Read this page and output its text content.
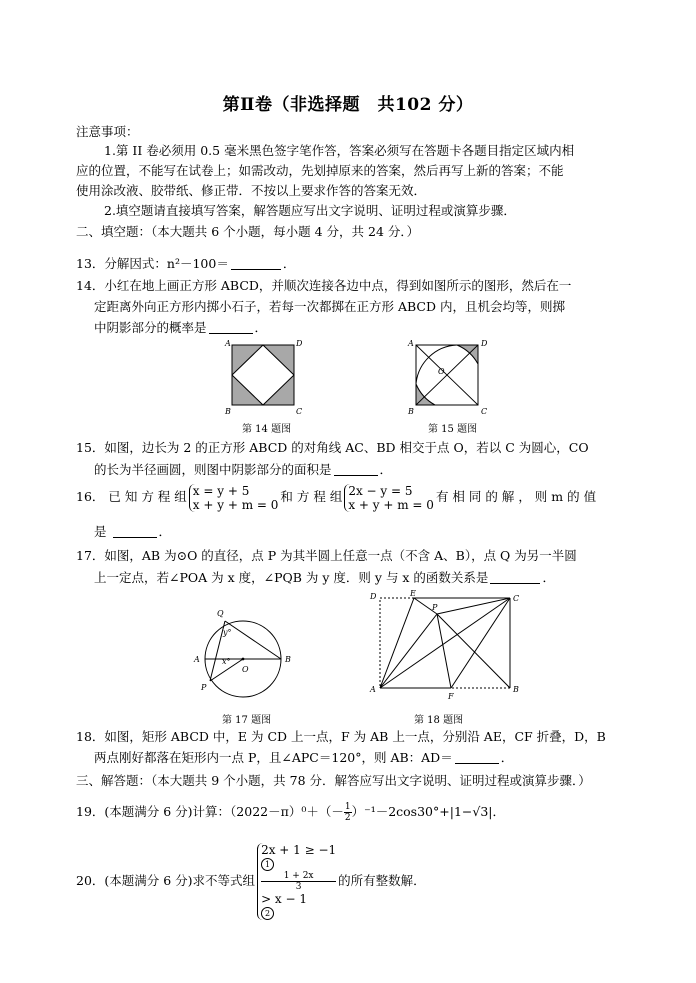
第Ⅱ卷（非选择题　共102 分）
注意事项：
1.第 II 卷必须用 0.5 毫米黑色签字笔作答，答案必须写在答题卡各题目指定区域内相
应的位置，不能写在试卷上；如需改动，先划掉原来的答案，然后再写上新的答案；不能
使用涂改液、胶带纸、修正带．不按以上要求作答的答案无效．
2.填空题请直接填写答案，解答题应写出文字说明、证明过程或演算步骤．
二、填空题：（本大题共 6 个小题，每小题 4 分，共 24 分．）
13．分解因式：n²－100＝	．
14．小红在地上画正方形 ABCD，并顺次连接各边中点，得到如图所示的图形，然后在一
定距离外向正方形内掷小石子，若每一次都掷在正方形 ABCD 内，且机会均等，则掷
中阴影部分的概率是	．
A	D
B	C
第 14 题图
A	D
B	C
O
第 15 题图
15．如图，边长为 2 的正方形 ABCD 的对角线 AC、BD 相交于点 O，若以 C 为圆心，CO
的长为半径画圆，则图中阴影部分的面积是	．
16． 已 知 方 程 组 x = y + 5
x + y + m = 0
和 方 程 组 2x − y = 5
x + y + m = 0
有 相 同 的 解 ， 则 m 的 值
是	．
17．如图，AB 为⊙O 的直径，点 P 为其半圆上任意一点（不含 A、B），点 Q 为另一半圆
上一定点，若∠POA 为 x 度，∠PQB 为 y 度．则 y 与 x 的函数关系是	．
Q
A	B
O
P
y°
x°
第 17 题图
D	E
P
C
A
F
B
第 18 题图
18．如图，矩形 ABCD 中，E 为 CD 上一点，F 为 AB 上一点，分别沿 AE，CF 折叠，D，B
两点刚好都落在矩形内一点 P，且∠APC＝120°，则 AB：AD＝	．
三、解答题：（本大题共 9 个小题，共 78 分．解答应写出文字说明、证明过程或演算步骤．）
19．(本题满分 6 分)计算：$(2022-\pi)^0+(- \frac{1}{2} )^{-1}-2\cos 30^\circ+|1-√3|$．
20．(本题满分 6 分)求不等式组
2x + 1 ≥ −1
1
1 + 2x
3
> x − 1
2
的所有整数解．
